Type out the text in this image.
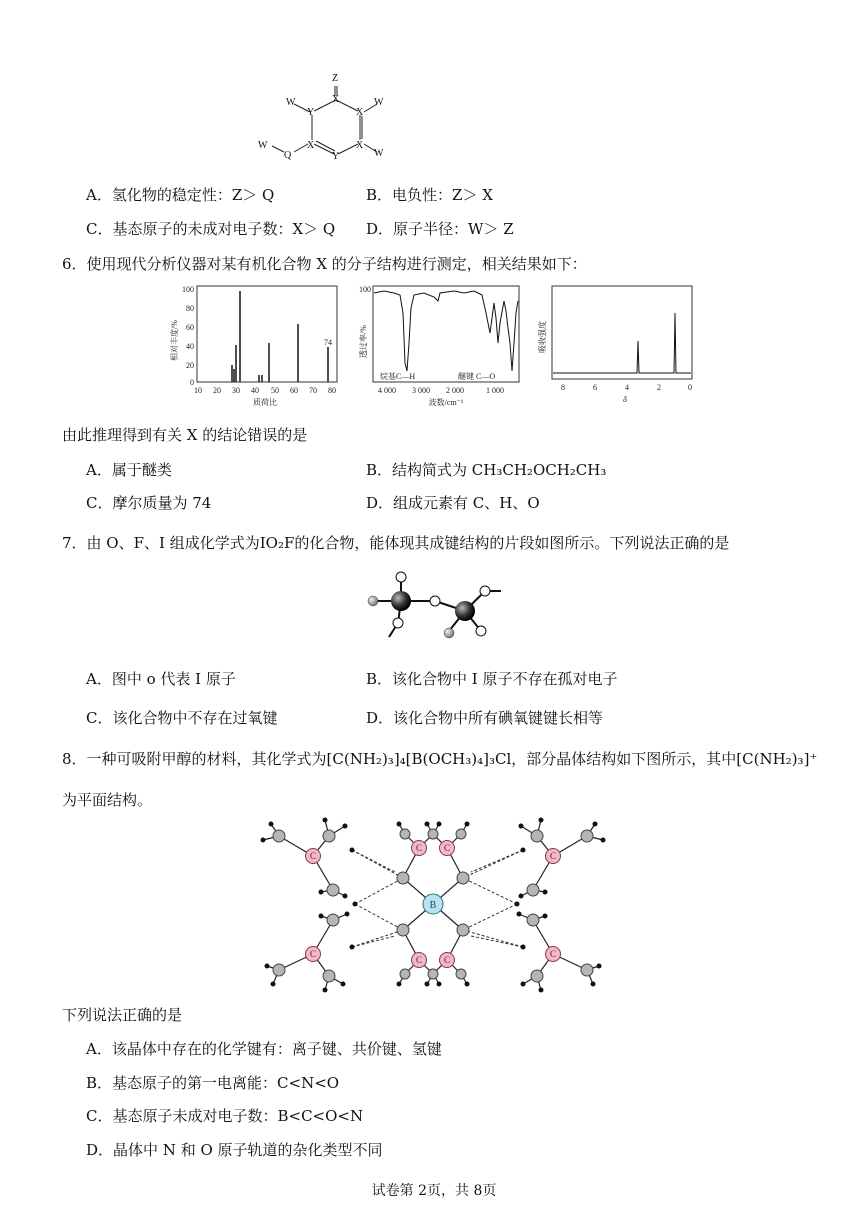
Z
W
Y
X	W
X
X
W
Y
X
Q
W
A．氢化物的稳定性：Z＞ Q	B．电负性：Z＞ X
C．基态原子的未成对电子数：X＞ Q D．原子半径：W＞ Z
6．使用现代分析仪器对某有机化合物 X 的分子结构进行测定，相关结果如下：
100
80
60
40
20
0
10 20 30 40 50 60 70 80
质荷比
相对丰度/%	74
100
透过率/%
烷基C—H	醚键 C—O
4 000 3 000 2 000	1 000
波数/cm⁻¹
吸收强度
8	6	4	2	0
δ
由此推理得到有关 X 的结论错误的是
A．属于醚类	B．结构简式为 CH₃CH₂OCH₂CH₃
C．摩尔质量为 74	D．组成元素有 C、H、O
7．由 O、F、I 组成化学式为IO₂F的化合物，能体现其成键结构的片段如图所示。下列说法正确的是
A．图中 ο 代表 I 原子	B．该化合物中 I 原子不存在孤对电子
C．该化合物中不存在过氧键	D．该化合物中所有碘氧键键长相等
8．一种可吸附甲醇的材料，其化学式为[C(NH₂)₃]₄[B(OCH₃)₄]₃Cl，部分晶体结构如下图所示，其中[C(NH₂)₃]⁺
为平面结构。
C
C
C
C
C C
C C
B
下列说法正确的是
A．该晶体中存在的化学键有：离子键、共价键、氢键
B．基态原子的第一电离能：C<N<O
C．基态原子未成对电子数：B<C<O<N
D．晶体中 N 和 O 原子轨道的杂化类型不同
试卷第 2页，共 8页
